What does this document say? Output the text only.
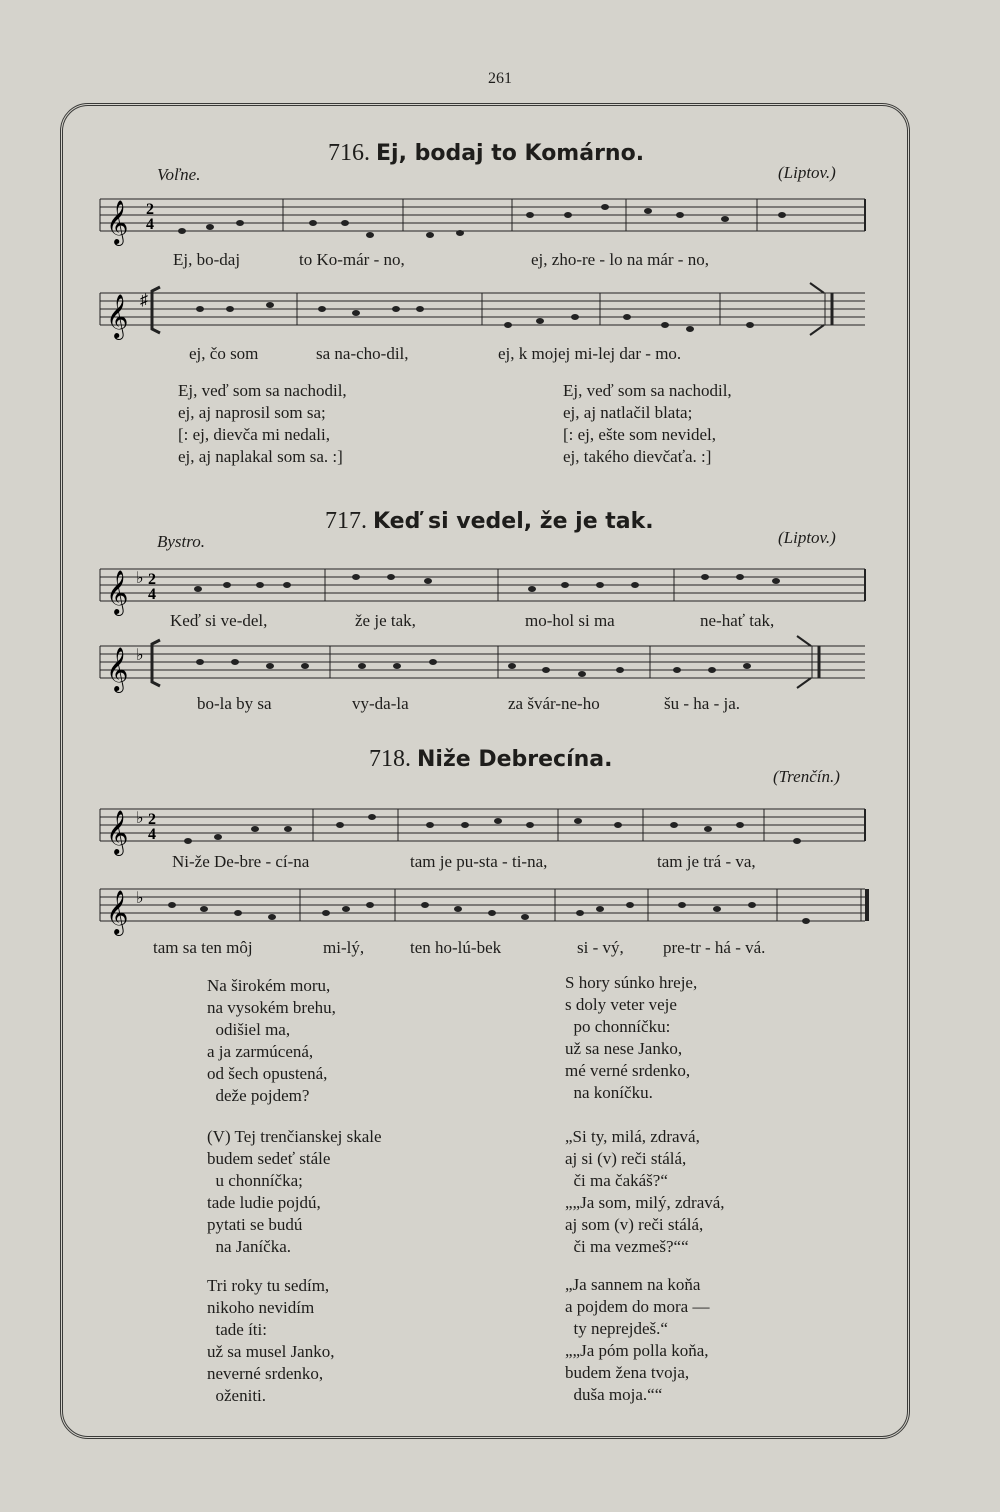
261
716. Ej, bodaj to Komárno.
Voľne.	(Liptov.)
𝄞 2
4
Ej, bo-daj	to Ko-már - no,	ej, zho-re - lo na már - no,
𝄞 ♯
ej, čo som	sa na-cho-dil,	ej, k mojej mi-lej dar - mo.
Ej, veď som sa nachodil,
ej, aj naprosil som sa;
[: ej, dievča mi nedali,
ej, aj naplakal som sa. :]
Ej, veď som sa nachodil,
ej, aj natlačil blata;
[: ej, ešte som nevidel,
ej, takého dievčaťa. :]
717. Keď si vedel, že je tak.
Bystro.	(Liptov.)
𝄞 ♭ 2
4
Keď si ve-del,	že je tak,	mo-hol si ma	ne-hať tak,
𝄞 ♭
bo-la by sa	vy-da-la	za švár-ne-ho	šu - ha - ja.
718. Niže Debrecína.
(Trenčín.)
𝄞 ♭ 2
4
Ni-že De-bre - cí-na	tam je pu-sta - ti-na,	tam je trá - va,
𝄞 ♭
tam sa ten môj	mi-lý,	ten ho-lú-bek	si - vý, pre-tr - há - vá.
Na širokém moru,
na vysokém brehu,
odišiel ma,
a ja zarmúcená,
od šech opustená,
deže pojdem?
(V) Tej trenčianskej skale
budem sedeť stále
u chonníčka;
tade ludie pojdú,
pytati se budú
na Janíčka.
Tri roky tu sedím,
nikoho nevidím
tade íti:
už sa musel Janko,
neverné srdenko,
oženiti.
S hory súnko hreje,
s doly veter veje
po chonníčku:
už sa nese Janko,
mé verné srdenko,
na koníčku.
„Si ty, milá, zdravá,
aj si (v) reči stálá,
či ma čakáš?“
„„Ja som, milý, zdravá,
aj som (v) reči stálá,
či ma vezmeš?““
„Ja sannem na koňa
a pojdem do mora —
ty neprejdeš.“
„„Ja póm polla koňa,
budem žena tvoja,
duša moja.““
